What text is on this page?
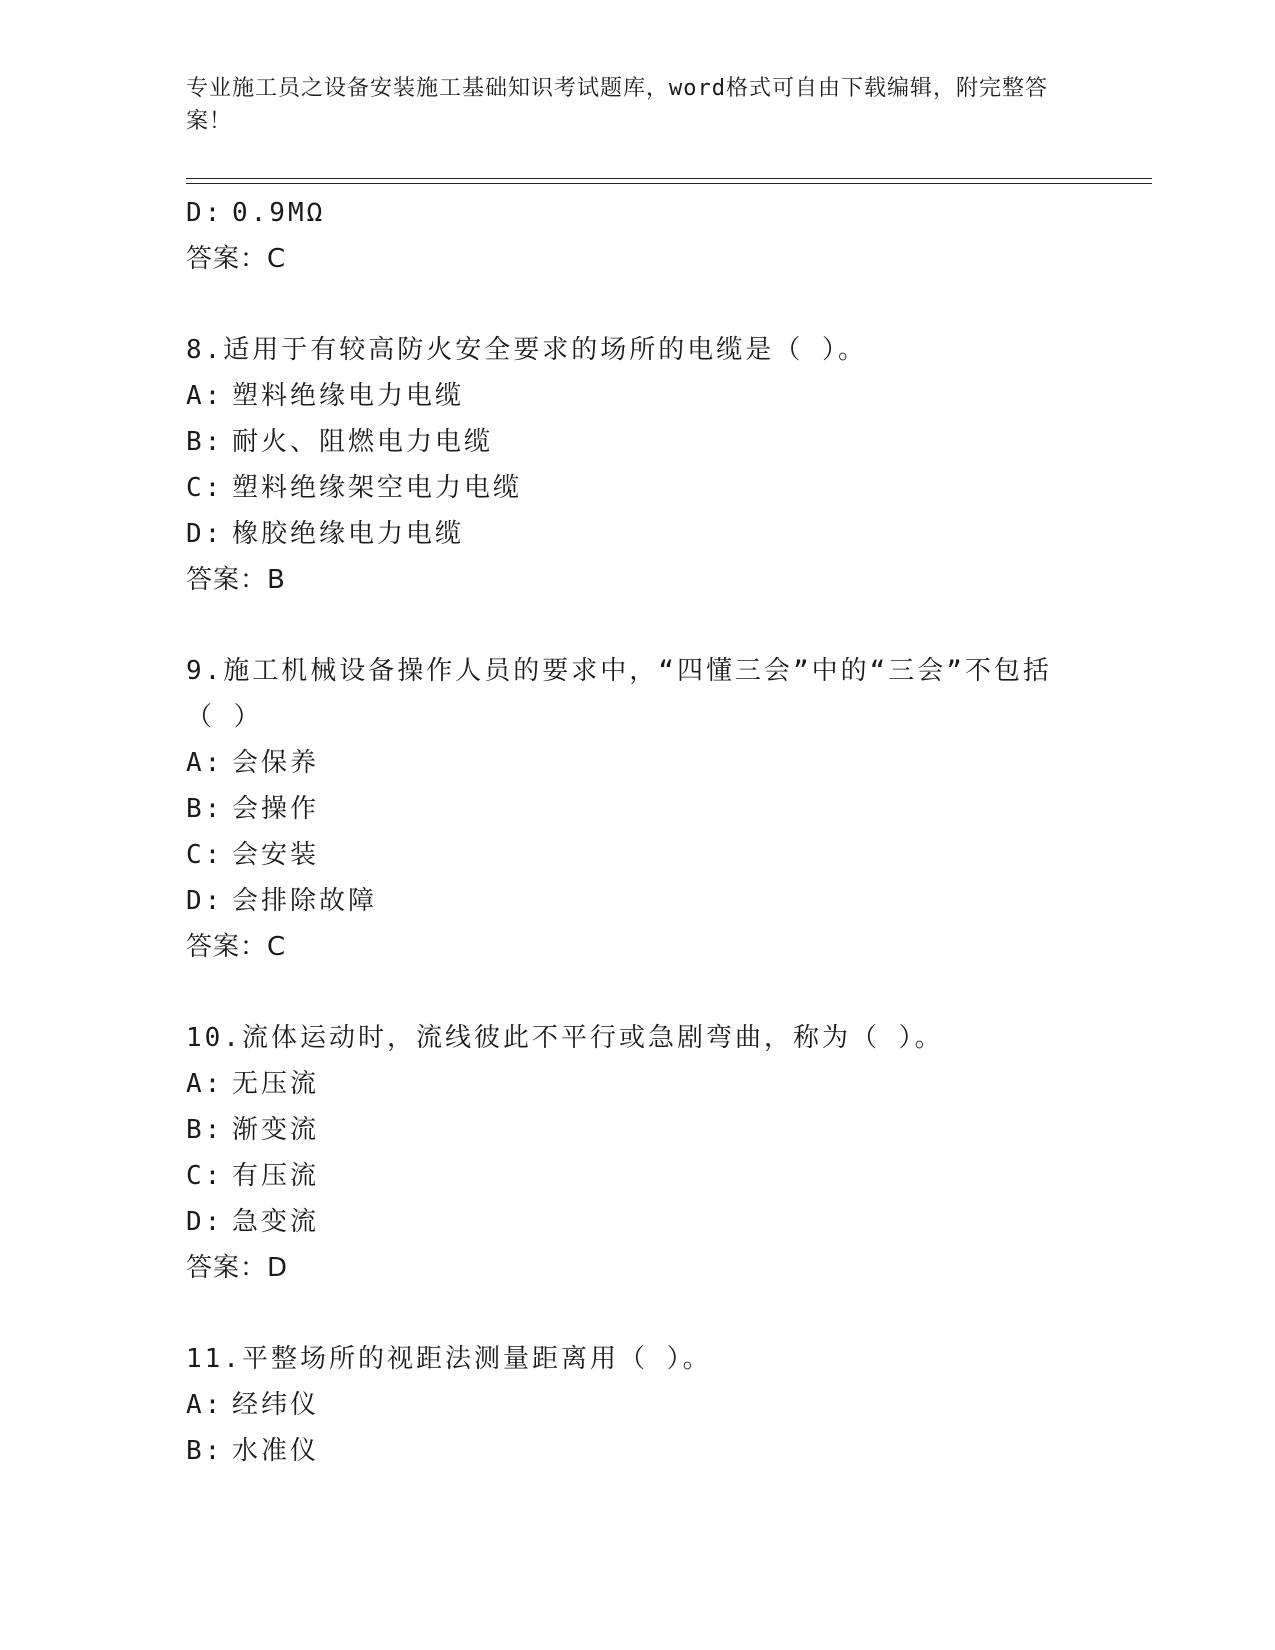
专业施工员之设备安装施工基础知识考试题库，word格式可自由下载编辑，附完整答案！
D: 0.9MΩ
答案：C
8.适用于有较高防火安全要求的场所的电缆是（ ）。
A: 塑料绝缘电力电缆
B: 耐火、阻燃电力电缆
C: 塑料绝缘架空电力电缆
D: 橡胶绝缘电力电缆
答案：B
9.施工机械设备操作人员的要求中，“四懂三会”中的“三会”不包括（ ）
A: 会保养
B: 会操作
C: 会安装
D: 会排除故障
答案：C
10.流体运动时，流线彼此不平行或急剧弯曲，称为（ ）。
A: 无压流
B: 渐变流
C: 有压流
D: 急变流
答案：D
11.平整场所的视距法测量距离用（ ）。
A: 经纬仪
B: 水准仪
